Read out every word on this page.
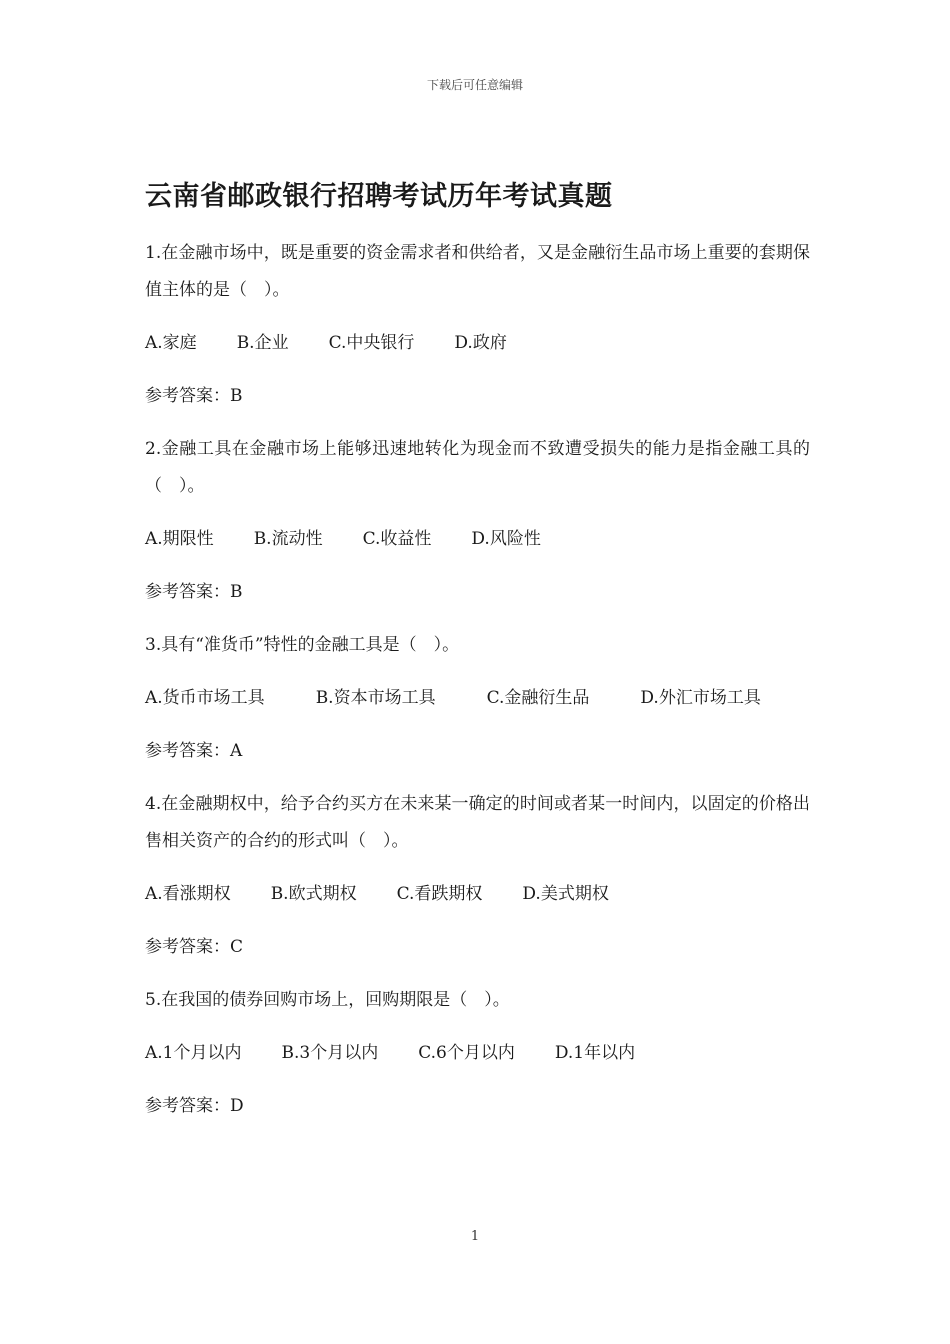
下载后可任意编辑
云南省邮政银行招聘考试历年考试真题

1.在金融市场中，既是重要的资金需求者和供给者，又是金融衍生品市场上重要的套期保值主体的是（　）。

A.家庭 B.企业 C.中央银行 D.政府

参考答案：B

2.金融工具在金融市场上能够迅速地转化为现金而不致遭受损失的能力是指金融工具的（　）。

A.期限性 B.流动性 C.收益性 D.风险性

参考答案：B

3.具有“准货币”特性的金融工具是（　）。

A.货币市场工具　　　	B.资本市场工具　　　	C.金融衍生品　　　	D.外汇市场工具

参考答案：A

4.在金融期权中，给予合约买方在未来某一确定的时间或者某一时间内，以固定的价格出售相关资产的合约的形式叫（　）。

A.看涨期权 B.欧式期权 C.看跌期权 D.美式期权

参考答案：C

5.在我国的债券回购市场上，回购期限是（　）。

A.1个月以内 B.3个月以内 C.6个月以内 D.1年以内

参考答案：D

1
